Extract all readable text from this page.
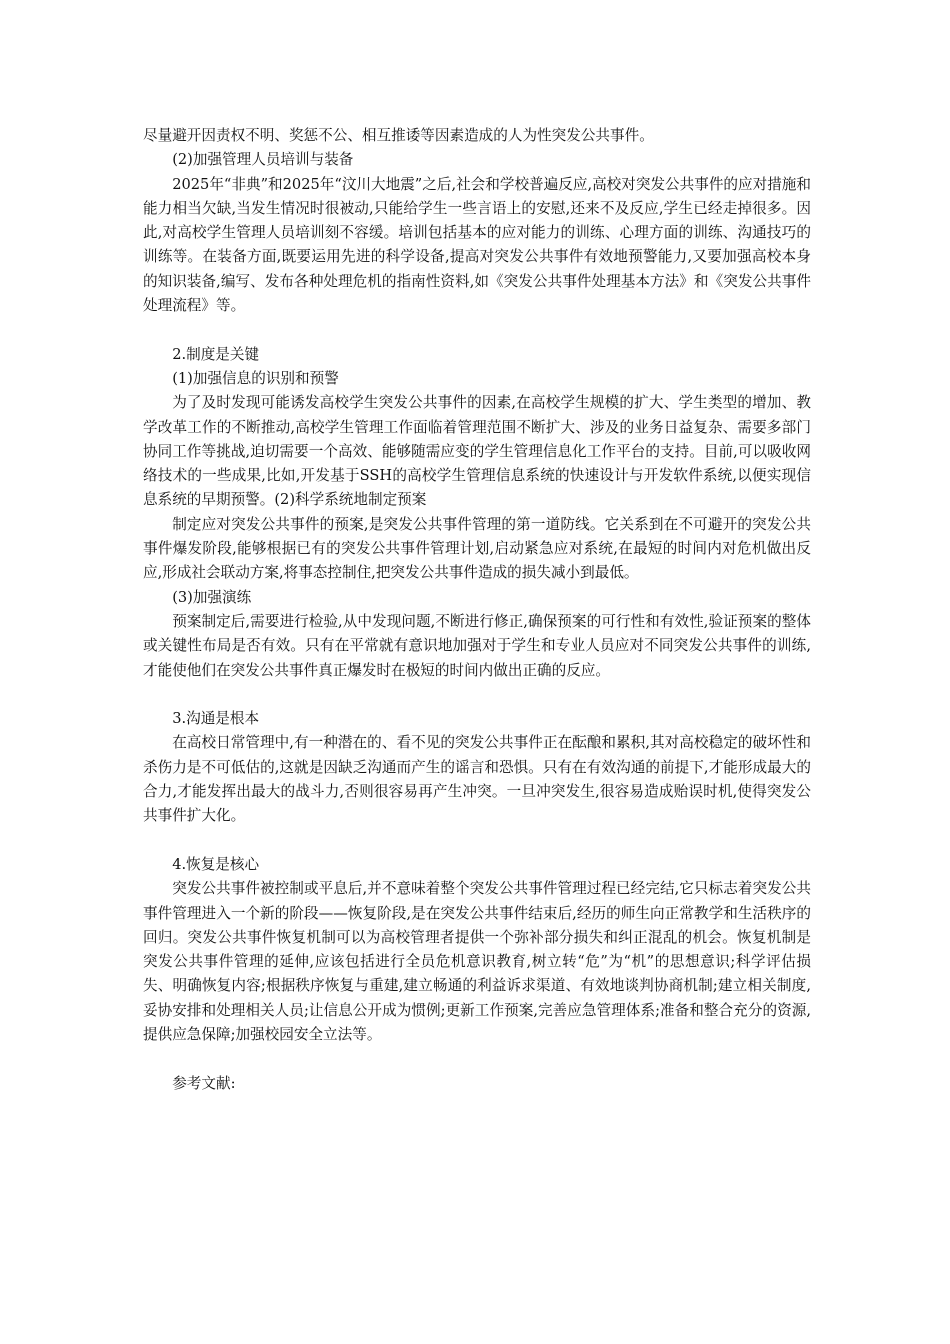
尽量避开因责权不明、奖惩不公、相互推诿等因素造成的人为性突发公共事件。

(2)加强管理人员培训与装备

2025年“非典”和2025年“汶川大地震”之后,社会和学校普遍反应,高校对突发公共事件的应对措施和能力相当欠缺,当发生情况时很被动,只能给学生一些言语上的安慰,还来不及反应,学生已经走掉很多。因此,对高校学生管理人员培训刻不容缓。培训包括基本的应对能力的训练、心理方面的训练、沟通技巧的训练等。在装备方面,既要运用先进的科学设备,提高对突发公共事件有效地预警能力,又要加强高校本身的知识装备,编写、发布各种处理危机的指南性资料,如《突发公共事件处理基本方法》和《突发公共事件处理流程》等。

2.制度是关键

(1)加强信息的识别和预警

为了及时发现可能诱发高校学生突发公共事件的因素,在高校学生规模的扩大、学生类型的增加、教学改革工作的不断推动,高校学生管理工作面临着管理范围不断扩大、涉及的业务日益复杂、需要多部门协同工作等挑战,迫切需要一个高效、能够随需应变的学生管理信息化工作平台的支持。目前,可以吸收网络技术的一些成果,比如,开发基于SSH的高校学生管理信息系统的快速设计与开发软件系统,以便实现信息系统的早期预警。(2)科学系统地制定预案

制定应对突发公共事件的预案,是突发公共事件管理的第一道防线。它关系到在不可避开的突发公共事件爆发阶段,能够根据已有的突发公共事件管理计划,启动紧急应对系统,在最短的时间内对危机做出反应,形成社会联动方案,将事态控制住,把突发公共事件造成的损失减小到最低。

(3)加强演练

预案制定后,需要进行检验,从中发现问题,不断进行修正,确保预案的可行性和有效性,验证预案的整体或关键性布局是否有效。只有在平常就有意识地加强对于学生和专业人员应对不同突发公共事件的训练,才能使他们在突发公共事件真正爆发时在极短的时间内做出正确的反应。

3.沟通是根本

在高校日常管理中,有一种潜在的、看不见的突发公共事件正在酝酿和累积,其对高校稳定的破坏性和杀伤力是不可低估的,这就是因缺乏沟通而产生的谣言和恐惧。只有在有效沟通的前提下,才能形成最大的合力,才能发挥出最大的战斗力,否则很容易再产生冲突。一旦冲突发生,很容易造成贻误时机,使得突发公共事件扩大化。

4.恢复是核心

突发公共事件被控制或平息后,并不意味着整个突发公共事件管理过程已经完结,它只标志着突发公共事件管理进入一个新的阶段——恢复阶段,是在突发公共事件结束后,经历的师生向正常教学和生活秩序的回归。突发公共事件恢复机制可以为高校管理者提供一个弥补部分损失和纠正混乱的机会。恢复机制是突发公共事件管理的延伸,应该包括进行全员危机意识教育,树立转“危”为“机”的思想意识;科学评估损失、明确恢复内容;根据秩序恢复与重建,建立畅通的利益诉求渠道、有效地谈判协商机制;建立相关制度,妥协安排和处理相关人员;让信息公开成为惯例;更新工作预案,完善应急管理体系;准备和整合充分的资源,提供应急保障;加强校园安全立法等。

参考文献:
